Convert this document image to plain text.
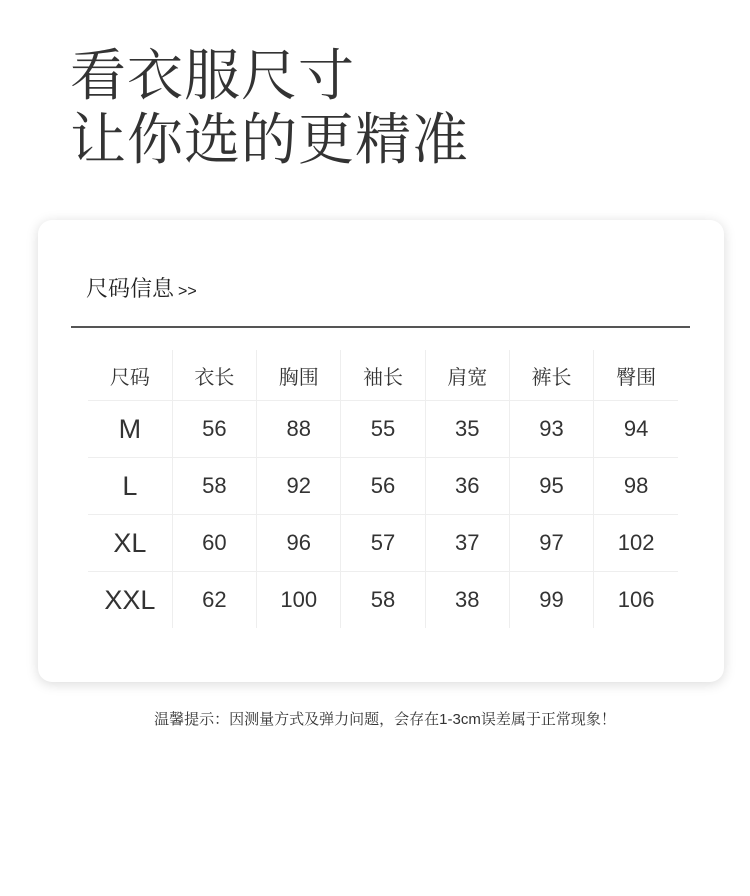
看衣服尺寸
让你选的更精准
尺码信息 >>
尺码	衣长	胸围	袖长	肩宽	裤长	臀围
M	56	88	55	35	93	94
L	58	92	56	36	95	98
XL	60	96	57	37	97	102
XXL	62	100	58	38	99	106
温馨提示：因测量方式及弹力问题，会存在1-3cm误差属于正常现象！
